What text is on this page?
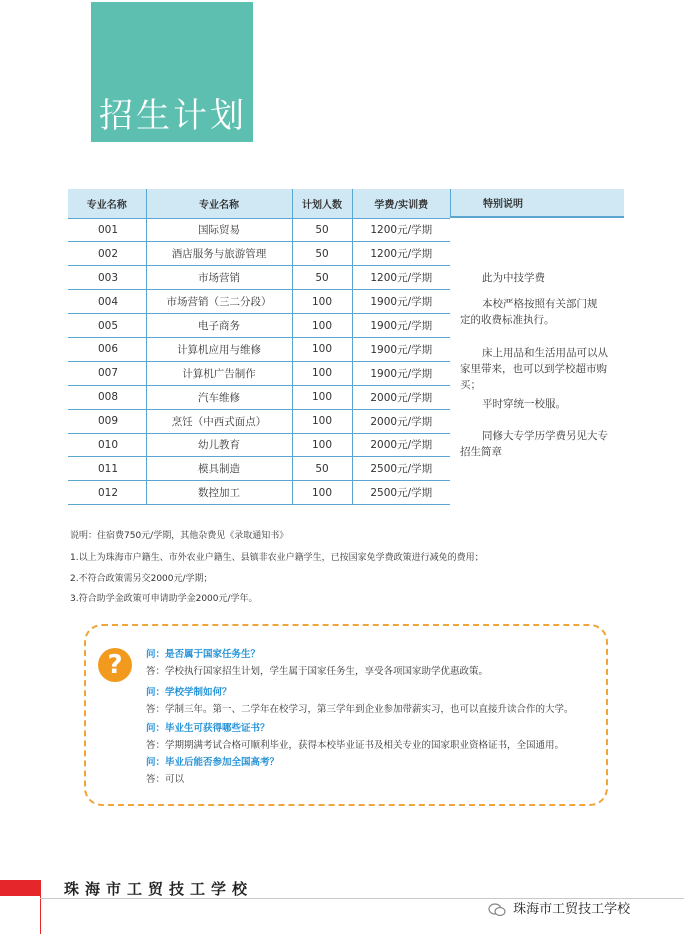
招生计划
专业名称	专业名称	计划人数	学费/实训费
001	国际贸易	50	1200元/学期
002	酒店服务与旅游管理	50	1200元/学期
003	市场营销	50	1200元/学期
004	市场营销（三二分段）	100	1900元/学期
005	电子商务	100	1900元/学期
006	计算机应用与维修	100	1900元/学期
007	计算机广告制作	100	1900元/学期
008	汽车维修	100	2000元/学期
009	烹饪（中西式面点）	100	2000元/学期
010	幼儿教育	100	2000元/学期
011	模具制造	50	2500元/学期
012	数控加工	100	2500元/学期
特别说明
此为中技学费
本校严格按照有关部门规
定的收费标准执行。
床上用品和生活用品可以从
家里带来，也可以到学校超市购
买；
平时穿统一校服。
同修大专学历学费另见大专
招生简章

说明：住宿费750元/学期，其他杂费见《录取通知书》

1.以上为珠海市户籍生、市外农业户籍生、县镇非农业户籍学生，已按国家免学费政策进行减免的费用；

2.不符合政策需另交2000元/学期；

3.符合助学金政策可申请助学金2000元/学年。

?	问：是否属于国家任务生？
答：学校执行国家招生计划，学生属于国家任务生，享受各项国家助学优惠政策。
问：学校学制如何？
答：学制三年。第一、二学年在校学习，第三学年到企业参加带薪实习，也可以直接升读合作的大学。
问：毕业生可获得哪些证书？
答：学期期满考试合格可顺利毕业，获得本校毕业证书及相关专业的国家职业资格证书，全国通用。
问：毕业后能否参加全国高考？
答：可以
珠海市工贸技工学校
珠海市工贸技工学校
